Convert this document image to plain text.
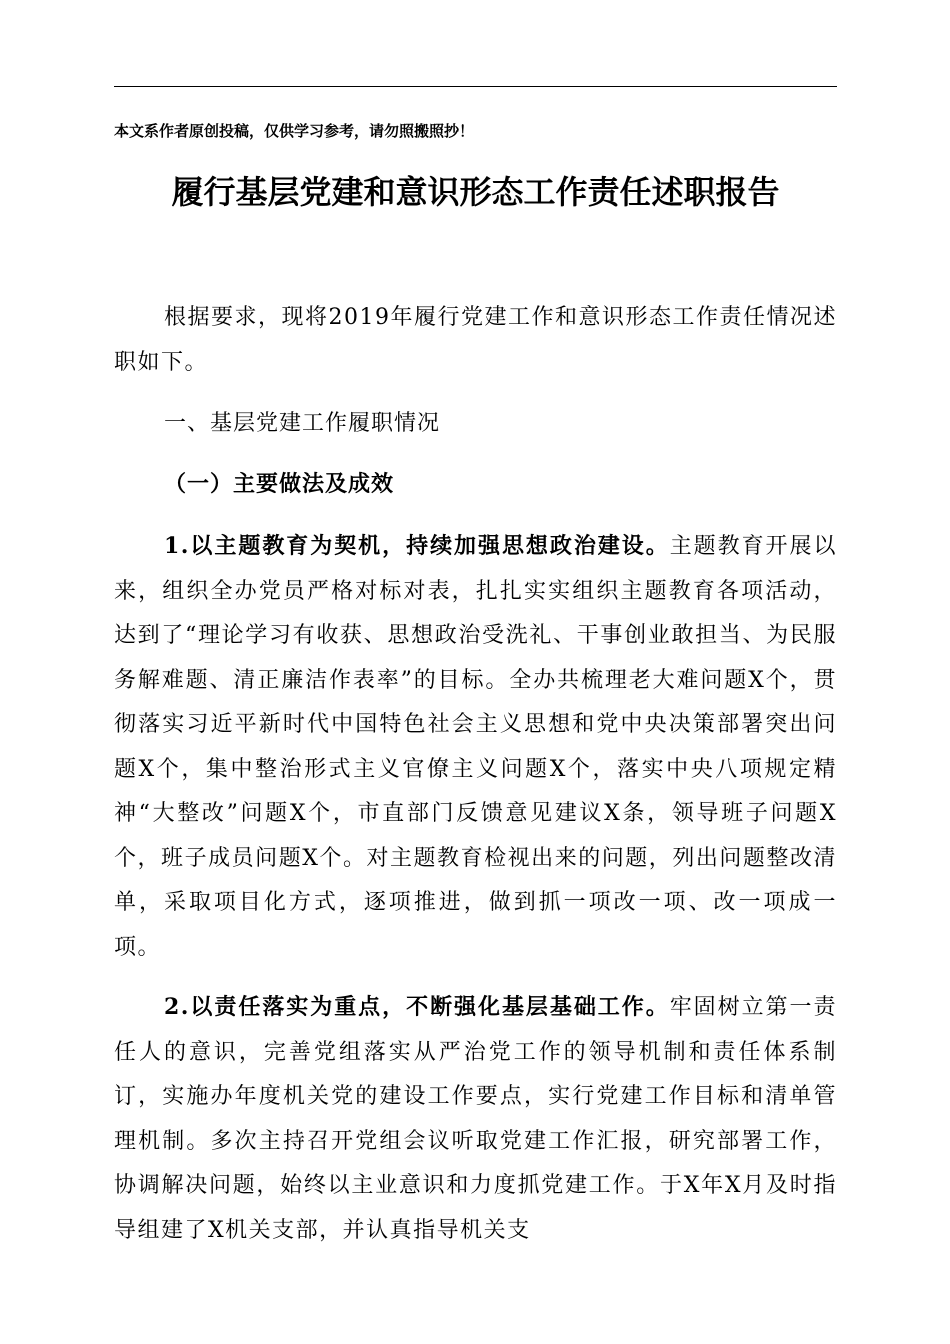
本文系作者原创投稿，仅供学习参考，请勿照搬照抄！
履行基层党建和意识形态工作责任述职报告

根据要求，现将2019年履行党建工作和意识形态工作责任情况述职如下。

一、基层党建工作履职情况
（一）主要做法及成效

1.以主题教育为契机，持续加强思想政治建设。主题教育开展以来，组织全办党员严格对标对表，扎扎实实组织主题教育各项活动，达到了“理论学习有收获、思想政治受洗礼、干事创业敢担当、为民服务解难题、清正廉洁作表率”的目标。全办共梳理老大难问题X个，贯彻落实习近平新时代中国特色社会主义思想和党中央决策部署突出问题X个，集中整治形式主义官僚主义问题X个，落实中央八项规定精神“大整改”问题X个，市直部门反馈意见建议X条，领导班子问题X个，班子成员问题X个。对主题教育检视出来的问题，列出问题整改清单，采取项目化方式，逐项推进，做到抓一项改一项、改一项成一项。

2.以责任落实为重点，不断强化基层基础工作。牢固树立第一责任人的意识，完善党组落实从严治党工作的领导机制和责任体系制订，实施办年度机关党的建设工作要点，实行党建工作目标和清单管理机制。多次主持召开党组会议听取党建工作汇报，研究部署工作，协调解决问题，始终以主业意识和力度抓党建工作。于X年X月及时指导组建了X机关支部，并认真指导机关支
